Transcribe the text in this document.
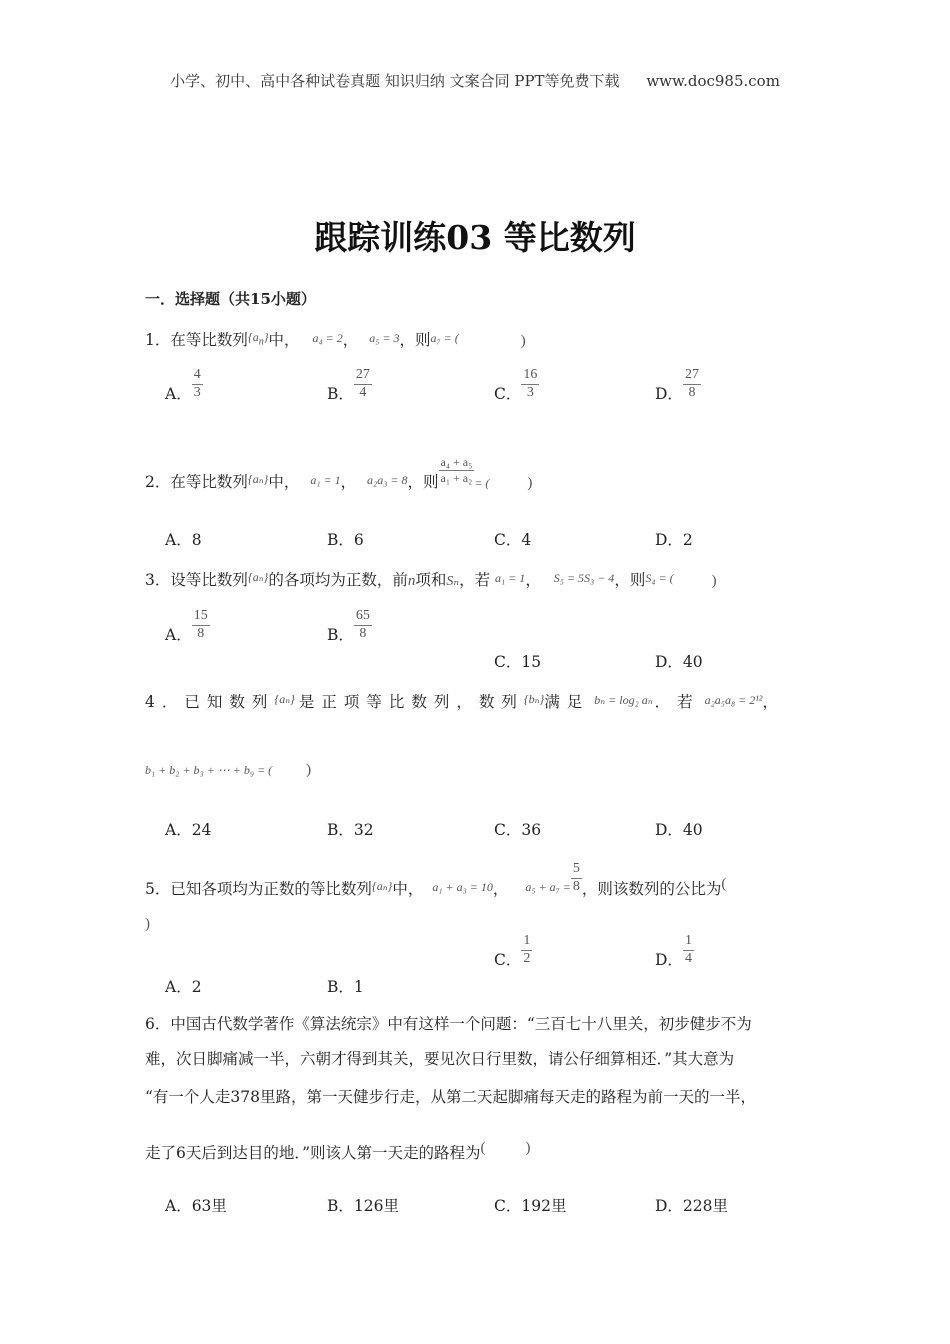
小学、初中、高中各种试卷真题 知识归纳 文案合同 PPT等免费下载 www.doc985.com
跟踪训练03 等比数列
一．选择题（共15小题）
1．在等比数列$^{\{a_n\}}$中， a₄ = 2， a₅ = 3，则a₇ = (	)
A． $\frac{4}{3}$	B． $\frac{27}{4}$	C． $\frac{16}{3}$	D． $\frac{27}{8}$
2．在等比数列$^{\{a_n\}}$中， a₁ = 1， a₂a₃ = 8，则 $\frac{\text{a₄ + a₅}}{\text{a₁ + a₂}}$ = (	)
A．8	B．6	C．4	D．2
3．设等比数列$^{\{a_n\}}$的各项均为正数，前n项和Sₙ，若 a₁ = 1， S₅ = 5S₃ − 4，则S₄ = (	)
A． $\frac{15}{8}$	B． $\frac{65}{8}$
C．15	D．40
4．已知数列$^{\{a_n\}}$ 是正项等比数列，数列$^{\{b_n\}}$满足 bₙ = log₂ aₙ ．若 a₂a₅a₈ = 2¹²，
b₁ + b₂ + b₃ + ⋯ + b₉ = ( )
A．24	B．32	C．36	D．40
5．已知各项均为正数的等比数列$^{\{a_n\}}$中， a₁ + a₃ = 10， $a_5 + a_7 = \frac{5}{8}$ ，则该数列的公比为(
)
A．2	B．1
C． $\frac{1}{2}$	D． $\frac{1}{4}$
6．中国古代数学著作《算法统宗》中有这样一个问题：“三百七十八里关，初步健步不为
难，次日脚痛减一半，六朝才得到其关，要见次日行里数，请公仔细算相还．”其大意为
“有一个人走378里路，第一天健步行走，从第二天起脚痛每天走的路程为前一天的一半，
走了6天后到达目的地．”则该人第一天走的路程为(	)
A．63里	B．126里	C．192里	D．228里
